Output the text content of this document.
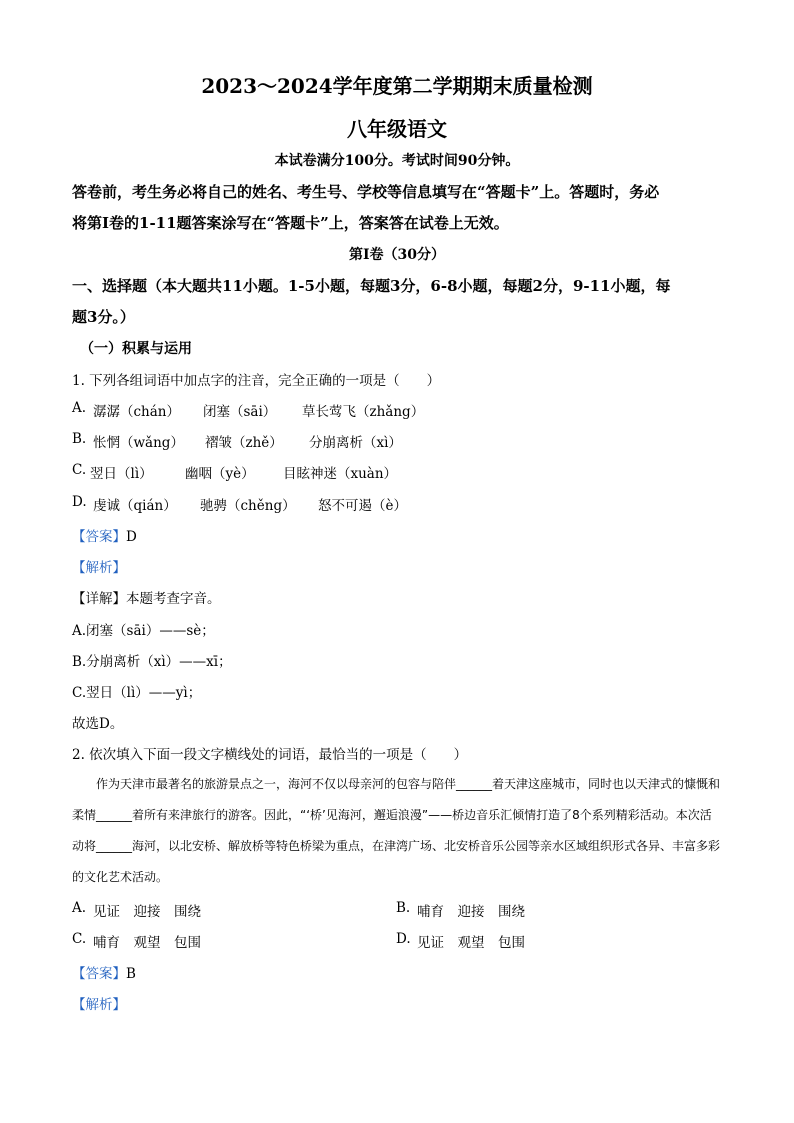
2023～2024学年度第二学期期末质量检测
八年级语文
本试卷满分100分。考试时间90分钟。
答卷前，考生务必将自己的姓名、考生号、学校等信息填写在“答题卡”上。答题时，务必
将第Ⅰ卷的1-11题答案涂写在“答题卡”上，答案答在试卷上无效。
第Ⅰ卷（30分）
一、选择题（本大题共11小题。1-5小题，每题3分，6-8小题，每题2分，9-11小题，每
题3分。）
（一）积累与运用
1. 下列各组词语中加点字的注音，完全正确的一项是（　　）
A. 潺潺（chán） 闭塞（sāi） 草长莺飞（zhǎng）
B. 怅惘（wǎng） 褶皱（zhě） 分崩离析（xì）
C. 翌日（lì） 幽咽（yè） 目眩神迷（xuàn）
D. 虔诚（qián） 驰骋（chěng） 怒不可遏（è）
【答案】D
【解析】
【详解】本题考查字音。
A.闭塞（sāi）——sè；
B.分崩离析（xì）——xī；
C.翌日（lì）——yì；
故选D。
2. 依次填入下面一段文字横线处的词语，最恰当的一项是（　　）
作为天津市最著名的旅游景点之一，海河不仅以母亲河的包容与陪伴______着天津这座城市，同时也以天津式的慷慨和柔情______着所有来津旅行的游客。因此，“‘桥’见海河，邂逅浪漫”——桥边音乐汇倾情打造了8个系列精彩活动。本次活动将______海河，以北安桥、解放桥等特色桥梁为重点，在津湾广场、北安桥音乐公园等亲水区域组织形式各异、丰富多彩的文化艺术活动。
A. 见证　迎接　围绕	B. 哺育　迎接　围绕
C. 哺育　观望　包围	D. 见证　观望　包围
【答案】B
【解析】
